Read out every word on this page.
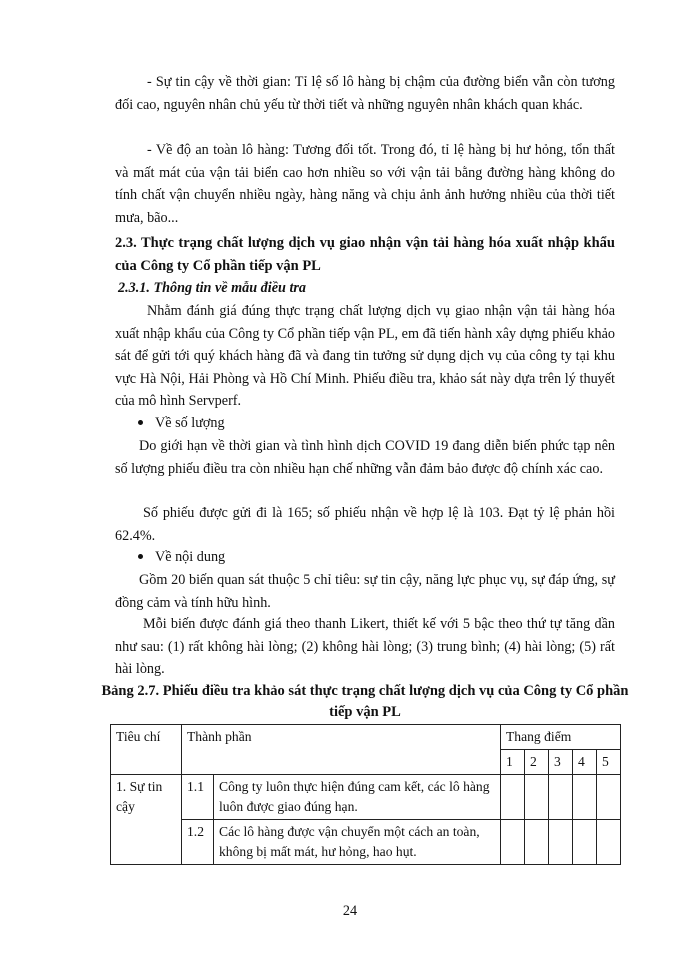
- Sự tin cậy về thời gian: Tỉ lệ số lô hàng bị chậm của đường biển vẫn còn tương đối cao, nguyên nhân chủ yếu từ thời tiết và những nguyên nhân khách quan khác.

- Về độ an toàn lô hàng: Tương đối tốt. Trong đó, tỉ lệ hàng bị hư hỏng, tổn thất và mất mát của vận tải biển cao hơn nhiều so với vận tải bằng đường hàng không do tính chất vận chuyển nhiều ngày, hàng năng và chịu ảnh ảnh hưởng nhiều của thời tiết mưa, bão...

2.3. Thực trạng chất lượng dịch vụ giao nhận vận tải hàng hóa xuất nhập khẩu của Công ty Cổ phần tiếp vận PL

2.3.1. Thông tin về mẫu điều tra

Nhằm đánh giá đúng thực trạng chất lượng dịch vụ giao nhận vận tải hàng hóa xuất nhập khẩu của Công ty Cổ phần tiếp vận PL, em đã tiến hành xây dựng phiếu khảo sát để gửi tới quý khách hàng đã và đang tin tưởng sử dụng dịch vụ của công ty tại khu vực Hà Nội, Hải Phòng và Hồ Chí Minh. Phiếu điều tra, khảo sát này dựa trên lý thuyết của mô hình Servperf.

Về số lượng

Do giới hạn về thời gian và tình hình dịch COVID 19 đang diễn biến phức tạp nên số lượng phiếu điều tra còn nhiều hạn chế những vẫn đảm bảo được độ chính xác cao.

Số phiếu được gửi đi là 165; số phiếu nhận về hợp lệ là 103. Đạt tỷ lệ phản hồi 62.4%.

Về nội dung

Gồm 20 biến quan sát thuộc 5 chỉ tiêu: sự tin cậy, năng lực phục vụ, sự đáp ứng, sự đồng cảm và tính hữu hình.

Mỗi biến được đánh giá theo thanh Likert, thiết kế với 5 bậc theo thứ tự tăng dần như sau: (1) rất không hài lòng; (2) không hài lòng; (3) trung bình; (4) hài lòng; (5) rất hài lòng.

Bảng 2.7. Phiếu điều tra khảo sát thực trạng chất lượng dịch vụ của Công ty Cổ phần tiếp vận PL
Tiêu chí	Thành phần		Thang điểm				
			1	2	3	4	5
1. Sự tin cậy	1.1	Công ty luôn thực hiện đúng cam kết, các lô hàng luôn được giao đúng hạn.					
	1.2	Các lô hàng được vận chuyển một cách an toàn, không bị mất mát, hư hỏng, hao hụt.					
24
